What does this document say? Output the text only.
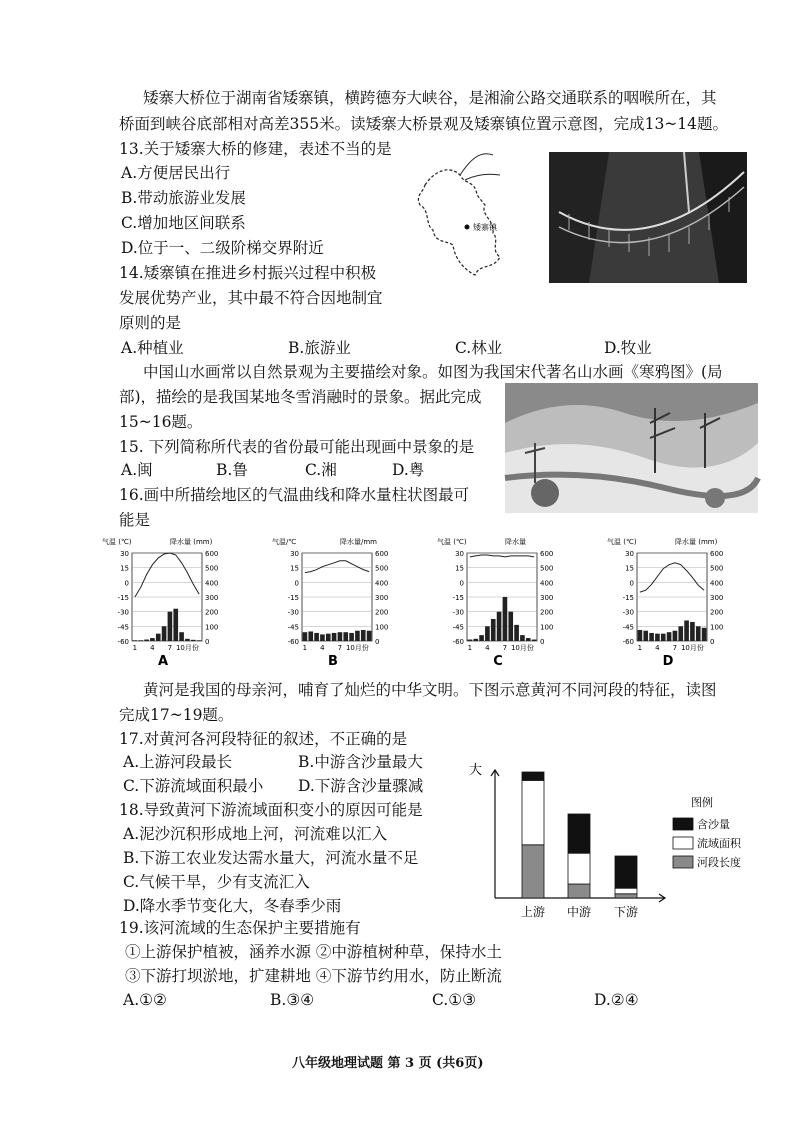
矮寨大桥位于湖南省矮寨镇，横跨德夯大峡谷，是湘渝公路交通联系的咽喉所在，其
桥面到峡谷底部相对高差355米。读矮寨大桥景观及矮寨镇位置示意图，完成13~14题。
13.关于矮寨大桥的修建，表述不当的是
A.方便居民出行
B.带动旅游业发展
C.增加地区间联系
D.位于一、二级阶梯交界附近
矮寨镇
14.矮寨镇在推进乡村振兴过程中积极
发展优势产业，其中最不符合因地制宜
原则的是
A.种植业	B.旅游业	C.林业	D.牧业
中国山水画常以自然景观为主要描绘对象。如图为我国宋代著名山水画《寒鸦图》(局
部)，描绘的是我国某地冬雪消融时的景象。据此完成
15~16题。
15. 下列简称所代表的省份最可能出现画中景象的是
A.闽	B.鲁	C.湘	D.粤
16.画中所描绘地区的气温曲线和降水量柱状图最可
能是
气温 (℃)	降水量 (mm)
30	600
15	500
0	400
-15	300
-30	200
-45	100
-60	0
1 4 7 10月份
A
气温/℃	降水量/mm
30	600
15	500
0	400
-15	300
-30	200
-45	100
-60	0
1 4 7 10月份
B
气温 (℃)	降水量
30	600
15	500
0	400
-15	300
-30	200
-45	100
-60	0
1 4 7 10月份
C
气温 (℃)	降水量 (mm)
30	600
15	500
0	400
-15	300
-30	200
-45	100
-60	0
1 4 7 10月份
D
黄河是我国的母亲河，哺育了灿烂的中华文明。下图示意黄河不同河段的特征，读图
完成17~19题。
17.对黄河各河段特征的叙述，不正确的是
A.上游河段最长	B.中游含沙量最大
C.下游流域面积最小 D.下游含沙量骤减
18.导致黄河下游流域面积变小的原因可能是
A.泥沙沉积形成地上河，河流难以汇入
B.下游工农业发达需水量大，河流水量不足
C.气候干旱，少有支流汇入
D.降水季节变化大，冬春季少雨
大
上游 中游 下游
图例
含沙量
流域面积
河段长度
19.该河流域的生态保护主要措施有
①上游保护植被，涵养水源 ②中游植树种草，保持水土
③下游打坝淤地，扩建耕地 ④下游节约用水，防止断流
A.①②	B.③④	C.①③	D.②④
八年级地理试题 第 3 页 (共6页)
